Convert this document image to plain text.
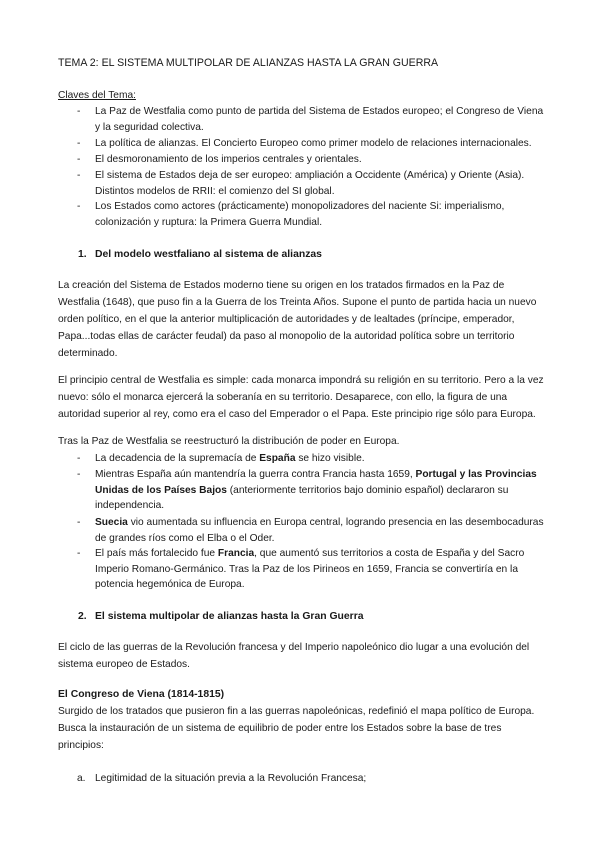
TEMA 2: EL SISTEMA MULTIPOLAR DE ALIANZAS HASTA LA GRAN GUERRA
Claves del Tema:
- La Paz de Westfalia como punto de partida del Sistema de Estados europeo; el Congreso de Viena y la seguridad colectiva.
- La política de alianzas. El Concierto Europeo como primer modelo de relaciones internacionales.
- El desmoronamiento de los imperios centrales y orientales.
- El sistema de Estados deja de ser europeo: ampliación a Occidente (América) y Oriente (Asia). Distintos modelos de RRII: el comienzo del SI global.
- Los Estados como actores (prácticamente) monopolizadores del naciente Si: imperialismo, colonización y ruptura: la Primera Guerra Mundial.
1. Del modelo westfaliano al sistema de alianzas
La creación del Sistema de Estados moderno tiene su origen en los tratados firmados en la Paz de Westfalia (1648), que puso fin a la Guerra de los Treinta Años. Supone el punto de partida hacia un nuevo orden político, en el que la anterior multiplicación de autoridades y de lealtades (príncipe, emperador, Papa...todas ellas de carácter feudal) da paso al monopolio de la autoridad política sobre un territorio determinado.
El principio central de Westfalia es simple: cada monarca impondrá su religión en su territorio. Pero a la vez nuevo: sólo el monarca ejercerá la soberanía en su territorio. Desaparece, con ello, la figura de una autoridad superior al rey, como era el caso del Emperador o el Papa. Este principio rige sólo para Europa.
Tras la Paz de Westfalia se reestructuró la distribución de poder en Europa.
- La decadencia de la supremacía de España se hizo visible.
- Mientras España aún mantendría la guerra contra Francia hasta 1659, Portugal y las Provincias Unidas de los Países Bajos (anteriormente territorios bajo dominio español) declararon su independencia.
- Suecia vio aumentada su influencia en Europa central, logrando presencia en las desembocaduras de grandes ríos como el Elba o el Oder.
- El país más fortalecido fue Francia, que aumentó sus territorios a costa de España y del Sacro Imperio Romano-Germánico. Tras la Paz de los Pirineos en 1659, Francia se convertiría en la potencia hegemónica de Europa.
2. El sistema multipolar de alianzas hasta la Gran Guerra
El ciclo de las guerras de la Revolución francesa y del Imperio napoleónico dio lugar a una evolución del sistema europeo de Estados.
El Congreso de Viena (1814-1815)
Surgido de los tratados que pusieron fin a las guerras napoleónicas, redefinió el mapa político de Europa. Busca la instauración de un sistema de equilibrio de poder entre los Estados sobre la base de tres principios:
a. Legitimidad de la situación previa a la Revolución Francesa;
